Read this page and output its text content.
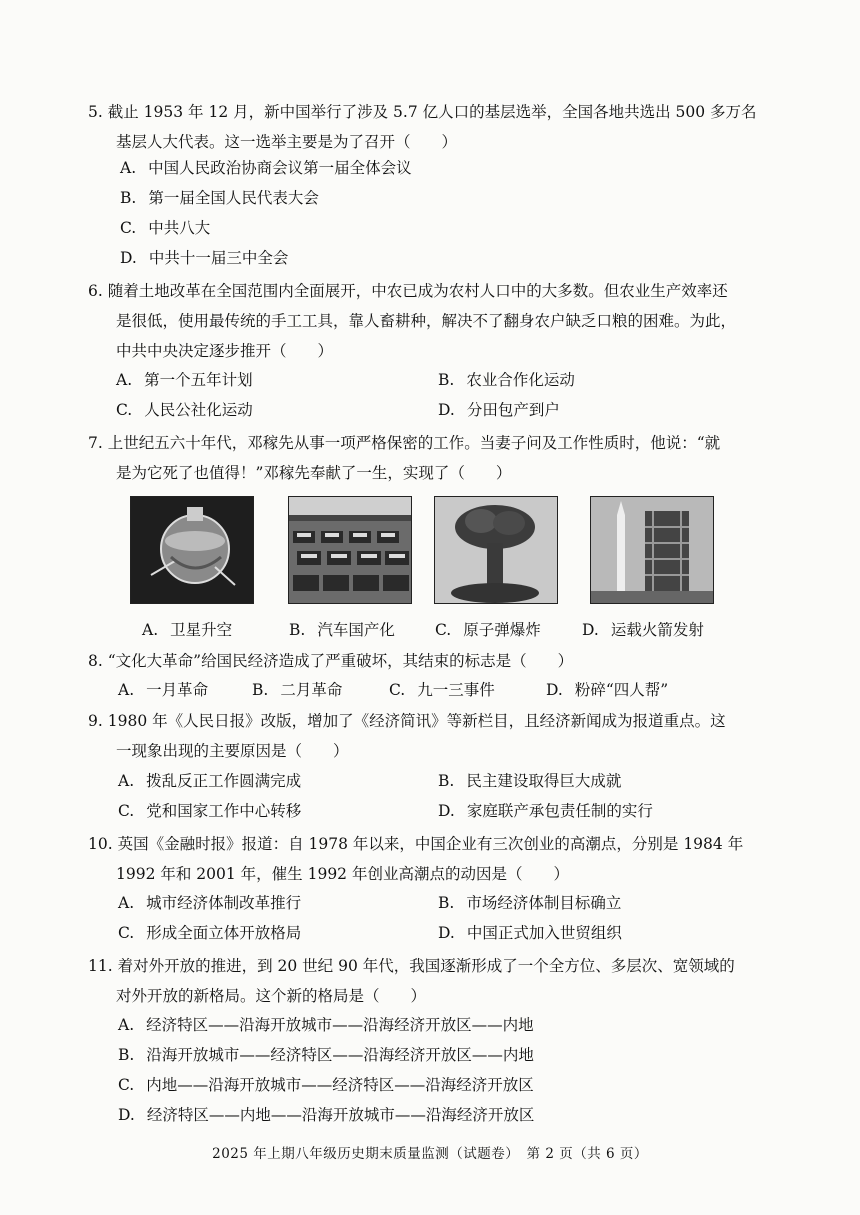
5. 截止 1953 年 12 月，新中国举行了涉及 5.7 亿人口的基层选举，全国各地共选出 500 多万名

基层人大代表。这一选举主要是为了召开（　　）

A. 中国人民政治协商会议第一届全体会议
B. 第一届全国人民代表大会
C. 中共八大
D. 中共十一届三中全会

6. 随着土地改革在全国范围内全面展开，中农已成为农村人口中的大多数。但农业生产效率还

是很低，使用最传统的手工工具，靠人畜耕种，解决不了翻身农户缺乏口粮的困难。为此，

中共中央决定逐步推开（　　）

A. 第一个五年计划	B. 农业合作化运动
C. 人民公社化运动	D. 分田包产到户

7. 上世纪五六十年代，邓稼先从事一项严格保密的工作。当妻子问及工作性质时，他说：“就

是为它死了也值得！”邓稼先奉献了一生，实现了（　　）

A. 卫星升空	B. 汽车国产化	C. 原子弹爆炸	D. 运载火箭发射

8. “文化大革命”给国民经济造成了严重破坏，其结束的标志是（　　）

A. 一月革命	B. 二月革命	C. 九一三事件	D. 粉碎“四人帮”

9. 1980 年《人民日报》改版，增加了《经济简讯》等新栏目，且经济新闻成为报道重点。这

一现象出现的主要原因是（　　）

A. 拨乱反正工作圆满完成	B. 民主建设取得巨大成就
C. 党和国家工作中心转移	D. 家庭联产承包责任制的实行

10. 英国《金融时报》报道：自 1978 年以来，中国企业有三次创业的高潮点，分别是 1984 年

1992 年和 2001 年，催生 1992 年创业高潮点的动因是（　　）

A. 城市经济体制改革推行	B. 市场经济体制目标确立
C. 形成全面立体开放格局	D. 中国正式加入世贸组织

11. 着对外开放的推进，到 20 世纪 90 年代，我国逐渐形成了一个全方位、多层次、宽领域的

对外开放的新格局。这个新的格局是（　　）

A. 经济特区——沿海开放城市——沿海经济开放区——内地
B. 沿海开放城市——经济特区——沿海经济开放区——内地
C. 内地——沿海开放城市——经济特区——沿海经济开放区
D. 经济特区——内地——沿海开放城市——沿海经济开放区
2025 年上期八年级历史期末质量监测（试题卷）　第 2 页（共 6 页）
